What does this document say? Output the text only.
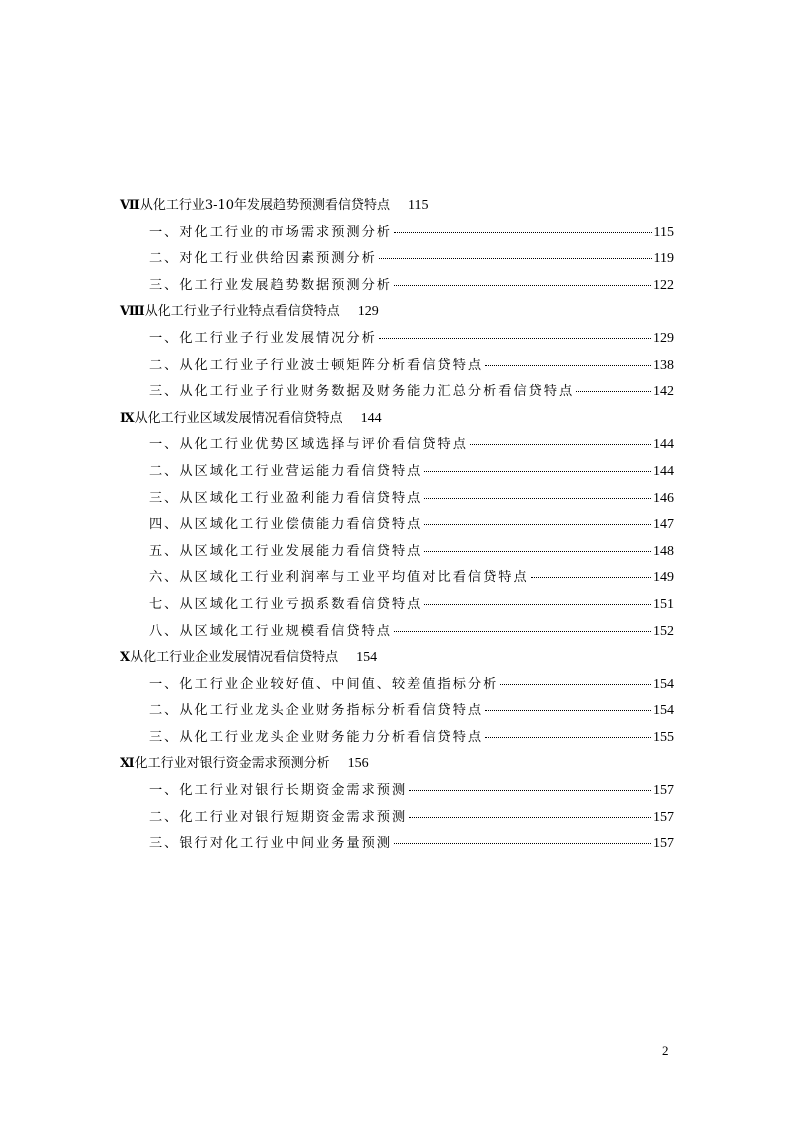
Ⅶ从化工行业3-10年发展趋势预测看信贷特点 115
一、对化工行业的市场需求预测分析	115
二、对化工行业供给因素预测分析	119
三、化工行业发展趋势数据预测分析	122
Ⅷ从化工行业子行业特点看信贷特点 129
一、化工行业子行业发展情况分析	129
二、从化工行业子行业波士顿矩阵分析看信贷特点	138
三、从化工行业子行业财务数据及财务能力汇总分析看信贷特点	142
Ⅸ从化工行业区域发展情况看信贷特点 144
一、从化工行业优势区域选择与评价看信贷特点	144
二、从区域化工行业营运能力看信贷特点	144
三、从区域化工行业盈利能力看信贷特点	146
四、从区域化工行业偿债能力看信贷特点	147
五、从区域化工行业发展能力看信贷特点	148
六、从区域化工行业利润率与工业平均值对比看信贷特点	149
七、从区域化工行业亏损系数看信贷特点	151
八、从区域化工行业规模看信贷特点	152
Ⅹ从化工行业企业发展情况看信贷特点 154
一、化工行业企业较好值、中间值、较差值指标分析	154
二、从化工行业龙头企业财务指标分析看信贷特点	154
三、从化工行业龙头企业财务能力分析看信贷特点	155
Ⅺ化工行业对银行资金需求预测分析 156
一、化工行业对银行长期资金需求预测	157
二、化工行业对银行短期资金需求预测	157
三、银行对化工行业中间业务量预测	157
2
